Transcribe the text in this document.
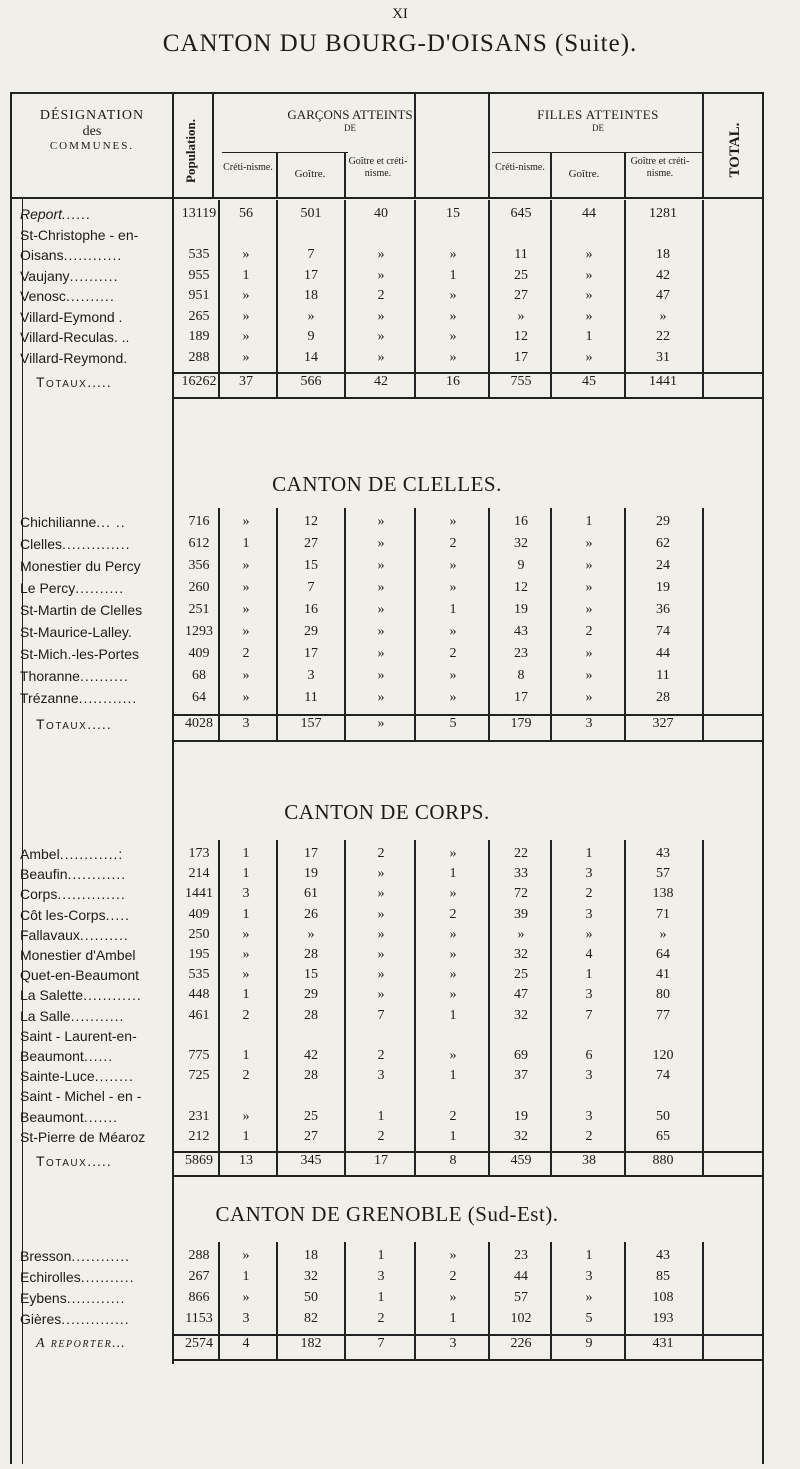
XI
CANTON DU BOURG-D'OISANS (Suite).
DÉSIGNATION
des
COMMUNES.	Population.
GARÇONS ATTEINTS
DE
FILLES ATTEINTES
DE
Créti-nisme.
Goître.
Goître et créti-nisme.	Créti-nisme.
Goître.
Goître et créti-nisme.	TOTAL.
Report......	13119	56	501	40	15	645	44	1281
St-Christophe - en-
Oisans............	535	»	7	»	»	11	»	18
Vaujany..........	955	1	17	»	1	25	»	42
Venosc..........	951	»	18	2	»	27	»	47
Villard-Eymond .	265	»	»	»	»	»	»	»
Villard-Reculas. ..	189	»	9	»	»	12	1	22
Villard-Reymond.	288	»	14	»	»	17	»	31
Totaux.....	16262	37	566	42	16	755	45	1441
CANTON DE CLELLES.
Chichilianne... ..	716	»	12	»	»	16	1	29
Clelles..............	612	1	27	»	2	32	»	62
Monestier du Percy	356	»	15	»	»	9	»	24
Le Percy..........	260	»	7	»	»	12	»	19
St-Martin de Clelles	251	»	16	»	1	19	»	36
St-Maurice-Lalley.	1293	»	29	»	»	43	2	74
St-Mich.-les-Portes	409	2	17	»	2	23	»	44
Thoranne..........	68	»	3	»	»	8	»	11
Trézanne............	64	»	11	»	»	17	»	28
Totaux.....	4028	3	157	»	5	179	3	327
CANTON DE CORPS.
Ambel............:	173	1	17	2	»	22	1	43
Beaufin............	214	1	19	»	1	33	3	57
Corps..............	1441	3	61	»	»	72	2	138
Côt les-Corps.....	409	1	26	»	2	39	3	71
Fallavaux..........	250	»	»	»	»	»	»	»
Monestier d'Ambel	195	»	28	»	»	32	4	64
Quet-en-Beaumont	535	»	15	»	»	25	1	41
La Salette............	448	1	29	»	»	47	3	80
La Salle...........	461	2	28	7	1	32	7	77
Saint - Laurent-en-
Beaumont......	775	1	42	2	»	69	6	120
Sainte-Luce........	725	2	28	3	1	37	3	74
Saint - Michel - en -
Beaumont.......	231	»	25	1	2	19	3	50
St-Pierre de Méaroz	212	1	27	2	1	32	2	65
Totaux.....	5869	13	345	17	8	459	38	880
CANTON DE GRENOBLE (Sud-Est).
Bresson............	288	»	18	1	»	23	1	43
Echirolles...........	267	1	32	3	2	44	3	85
Eybens............	866	»	50	1	»	57	»	108
Gières..............	1153	3	82	2	1	102	5	193
A reporter...	2574	4	182	7	3	226	9	431
